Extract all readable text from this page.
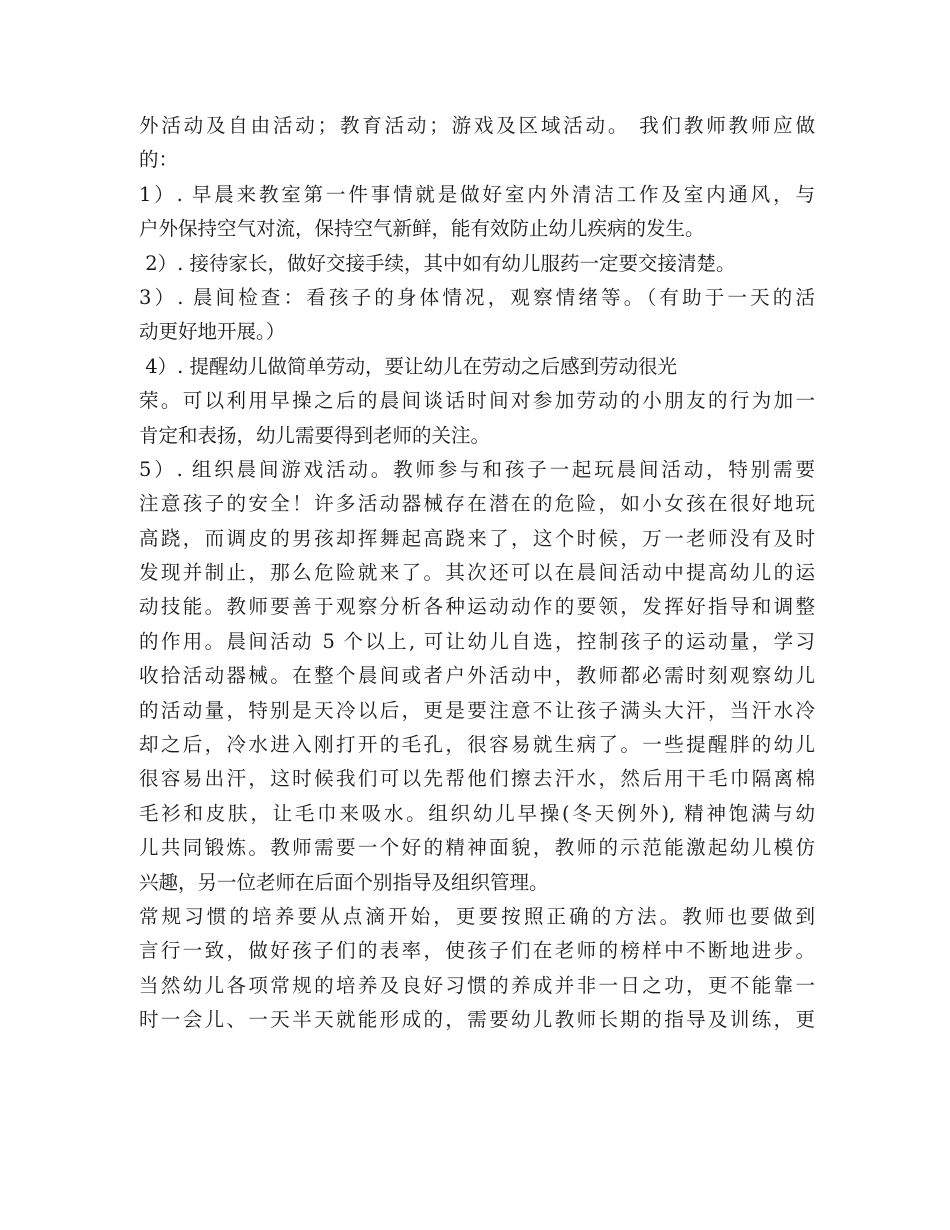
外活动及自由活动；教育活动；游戏及区域活动。 我们教师教师应做
的：
1）. 早晨来教室第一件事情就是做好室内外清洁工作及室内通风，与
户外保持空气对流，保持空气新鲜，能有效防止幼儿疾病的发生。
2）. 接待家长，做好交接手续，其中如有幼儿服药一定要交接清楚。
3）. 晨间检查：看孩子的身体情况，观察情绪等。（有助于一天的活
动更好地开展。）
4）. 提醒幼儿做简单劳动，要让幼儿在劳动之后感到劳动很光
荣。可以利用早操之后的晨间谈话时间对参加劳动的小朋友的行为加一
肯定和表扬，幼儿需要得到老师的关注。
5）. 组织晨间游戏活动。教师参与和孩子一起玩晨间活动，特别需要
注意孩子的安全！许多活动器械存在潜在的危险，如小女孩在很好地玩
高跷，而调皮的男孩却挥舞起高跷来了，这个时候，万一老师没有及时
发现并制止，那么危险就来了。其次还可以在晨间活动中提高幼儿的运
动技能。教师要善于观察分析各种运动动作的要领，发挥好指导和调整
的作用。晨间活动 5 个以上, 可让幼儿自选，控制孩子的运动量，学习
收拾活动器械。在整个晨间或者户外活动中，教师都必需时刻观察幼儿
的活动量，特别是天冷以后，更是要注意不让孩子满头大汗，当汗水冷
却之后，冷水进入刚打开的毛孔，很容易就生病了。一些提醒胖的幼儿
很容易出汗，这时候我们可以先帮他们擦去汗水，然后用干毛巾隔离棉
毛衫和皮肤，让毛巾来吸水。组织幼儿早操(冬天例外), 精神饱满与幼
儿共同锻炼。教师需要一个好的精神面貌，教师的示范能激起幼儿模仿
兴趣，另一位老师在后面个别指导及组织管理。
常规习惯的培养要从点滴开始，更要按照正确的方法。教师也要做到
言行一致，做好孩子们的表率，使孩子们在老师的榜样中不断地进步。
当然幼儿各项常规的培养及良好习惯的养成并非一日之功，更不能靠一
时一会儿、一天半天就能形成的，需要幼儿教师长期的指导及训练，更
